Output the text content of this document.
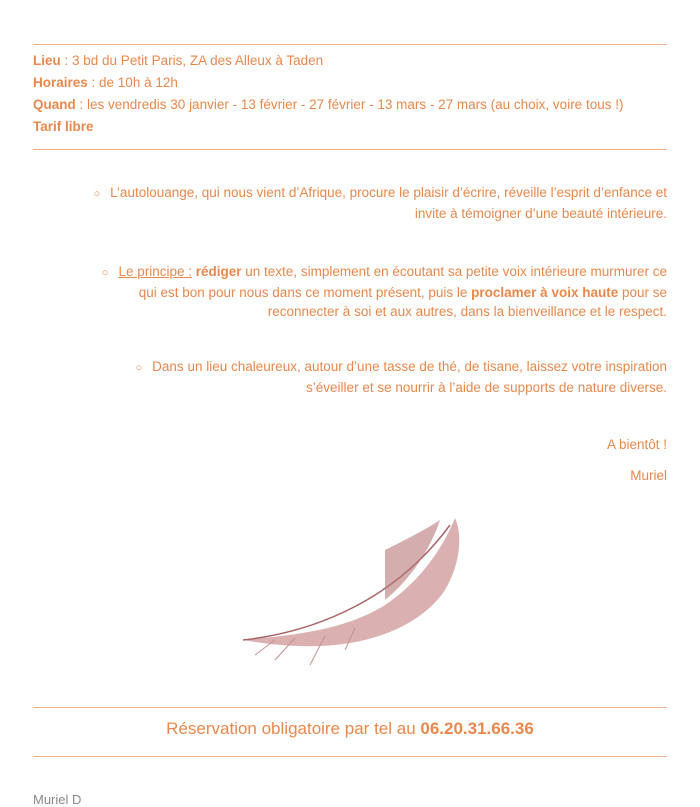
Lieu : 3 bd du Petit Paris, ZA des Alleux à Taden
Horaires : de 10h à 12h
Quand : les vendredis 30 janvier - 13 février - 27 février - 13 mars - 27 mars (au choix, voire tous !)
Tarif libre
○ L’autolouange, qui nous vient d’Afrique, procure le plaisir d’écrire, réveille l’esprit d’enfance et
invite à témoigner d’une beauté intérieure.
○ Le principe : rédiger un texte, simplement en écoutant sa petite voix intérieure murmurer ce
qui est bon pour nous dans ce moment présent, puis le proclamer à voix haute pour se
reconnecter à soi et aux autres, dans la bienveillance et le respect.
○ Dans un lieu chaleureux, autour d’une tasse de thé, de tisane, laissez votre inspiration
s’éveiller et se nourrir à l’aide de supports de nature diverse.
A bientôt !
Muriel
Réservation obligatoire par tel au 06.20.31.66.36
Muriel D
